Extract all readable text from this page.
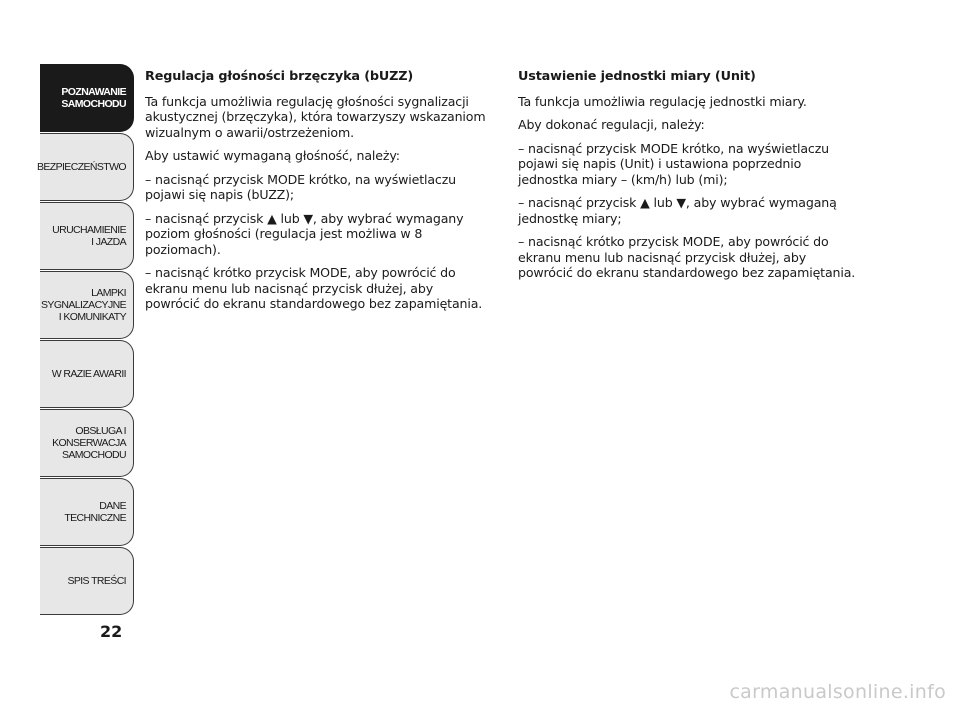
POZNAWANIE
SAMOCHODU
BEZPIECZEŃSTWO
URUCHAMIENIE
I JAZDA
LAMPKI
SYGNALIZACYJNE
I KOMUNIKATY
W RAZIE AWARII
OBSŁUGA I
KONSERWACJA
SAMOCHODU
DANE TECHNICZNE
SPIS TREŚCI
22

Regulacja głośności brzęczyka (bUZZ)

Ta funkcja umożliwia regulację głośności sygnalizacji akustycznej (brzęczyka), która towarzyszy wskazaniom wizualnym o awarii/ostrzeżeniom.

Aby ustawić wymaganą głośność, należy:

– nacisnąć przycisk MODE krótko, na wyświetlaczu pojawi się napis (bUZZ);

– nacisnąć przycisk ▲ lub ▼, aby wybrać wymagany poziom głośności (regulacja jest możliwa w 8 poziomach).

– nacisnąć krótko przycisk MODE, aby powrócić do ekranu menu lub nacisnąć przycisk dłużej, aby powrócić do ekranu standardowego bez zapamiętania.

Ustawienie jednostki miary (Unit)

Ta funkcja umożliwia regulację jednostki miary.

Aby dokonać regulacji, należy:

– nacisnąć przycisk MODE krótko, na wyświetlaczu pojawi się napis (Unit) i ustawiona poprzednio jednostka miary – (km/h) lub (mi);

– nacisnąć przycisk ▲ lub ▼, aby wybrać wymaganą jednostkę miary;

– nacisnąć krótko przycisk MODE, aby powrócić do ekranu menu lub nacisnąć przycisk dłużej, aby powrócić do ekranu standardowego bez zapamiętania.

carmanualsonline.info
